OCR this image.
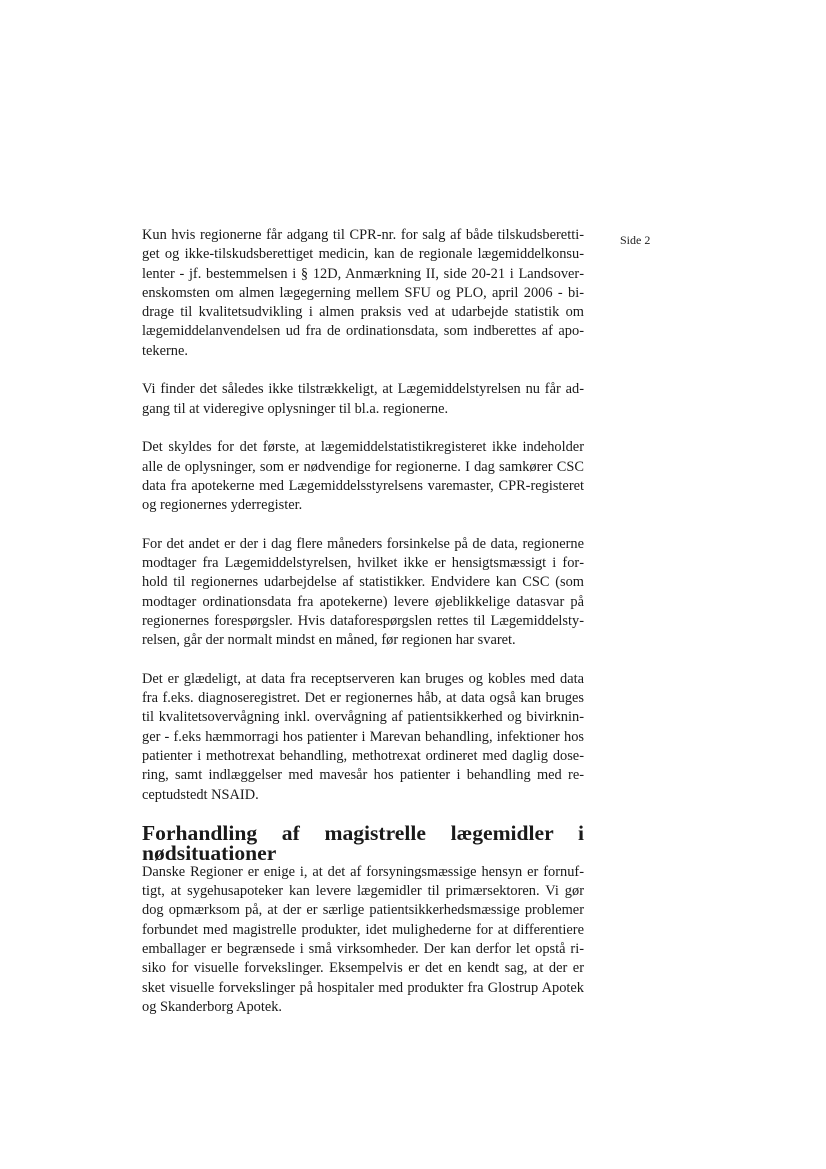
Side 2

Kun hvis regionerne får adgang til CPR-nr. for salg af både tilskudsberettiget og ikke-tilskudsberettiget medicin, kan de regionale lægemiddelkonsulenter - jf. bestemmelsen i § 12D, Anmærkning II, side 20-21 i Landsoverenskomsten om almen lægegerning mellem SFU og PLO, april 2006 - bidrage til kvalitetsudvikling i almen praksis ved at udarbejde statistik om lægemiddelanvendelsen ud fra de ordinationsdata, som indberettes af apotekerne.

Vi finder det således ikke tilstrækkeligt, at Lægemiddelstyrelsen nu får adgang til at videregive oplysninger til bl.a. regionerne.

Det skyldes for det første, at lægemiddelstatistikregisteret ikke indeholder alle de oplysninger, som er nødvendige for regionerne. I dag samkører CSC data fra apotekerne med Lægemiddelsstyrelsens varemaster, CPR-registeret og regionernes yderregister.

For det andet er der i dag flere måneders forsinkelse på de data, regionerne modtager fra Lægemiddelstyrelsen, hvilket ikke er hensigtsmæssigt i forhold til regionernes udarbejdelse af statistikker. Endvidere kan CSC (som modtager ordinationsdata fra apotekerne) levere øjeblikkelige datasvar på regionernes forespørgsler. Hvis dataforespørgslen rettes til Lægemiddelstyrelsen, går der normalt mindst en måned, før regionen har svaret.

Det er glædeligt, at data fra receptserveren kan bruges og kobles med data fra f.eks. diagnoseregistret. Det er regionernes håb, at data også kan bruges til kvalitetsovervågning inkl. overvågning af patientsikkerhed og bivirkninger - f.eks hæmmorragi hos patienter i Marevan behandling, infektioner hos patienter i methotrexat behandling, methotrexat ordineret med daglig dosering, samt indlæggelser med mavesår hos patienter i behandling med receptudstedt NSAID.

Forhandling af magistrelle lægemidler i nødsituationer

Danske Regioner er enige i, at det af forsyningsmæssige hensyn er fornuftigt, at sygehusapoteker kan levere lægemidler til primærsektoren. Vi gør dog opmærksom på, at der er særlige patientsikkerhedsmæssige problemer forbundet med magistrelle produkter, idet mulighederne for at differentiere emballager er begrænsede i små virksomheder. Der kan derfor let opstå risiko for visuelle forvekslinger. Eksempelvis er det en kendt sag, at der er sket visuelle forvekslinger på hospitaler med produkter fra Glostrup Apotek og Skanderborg Apotek.
